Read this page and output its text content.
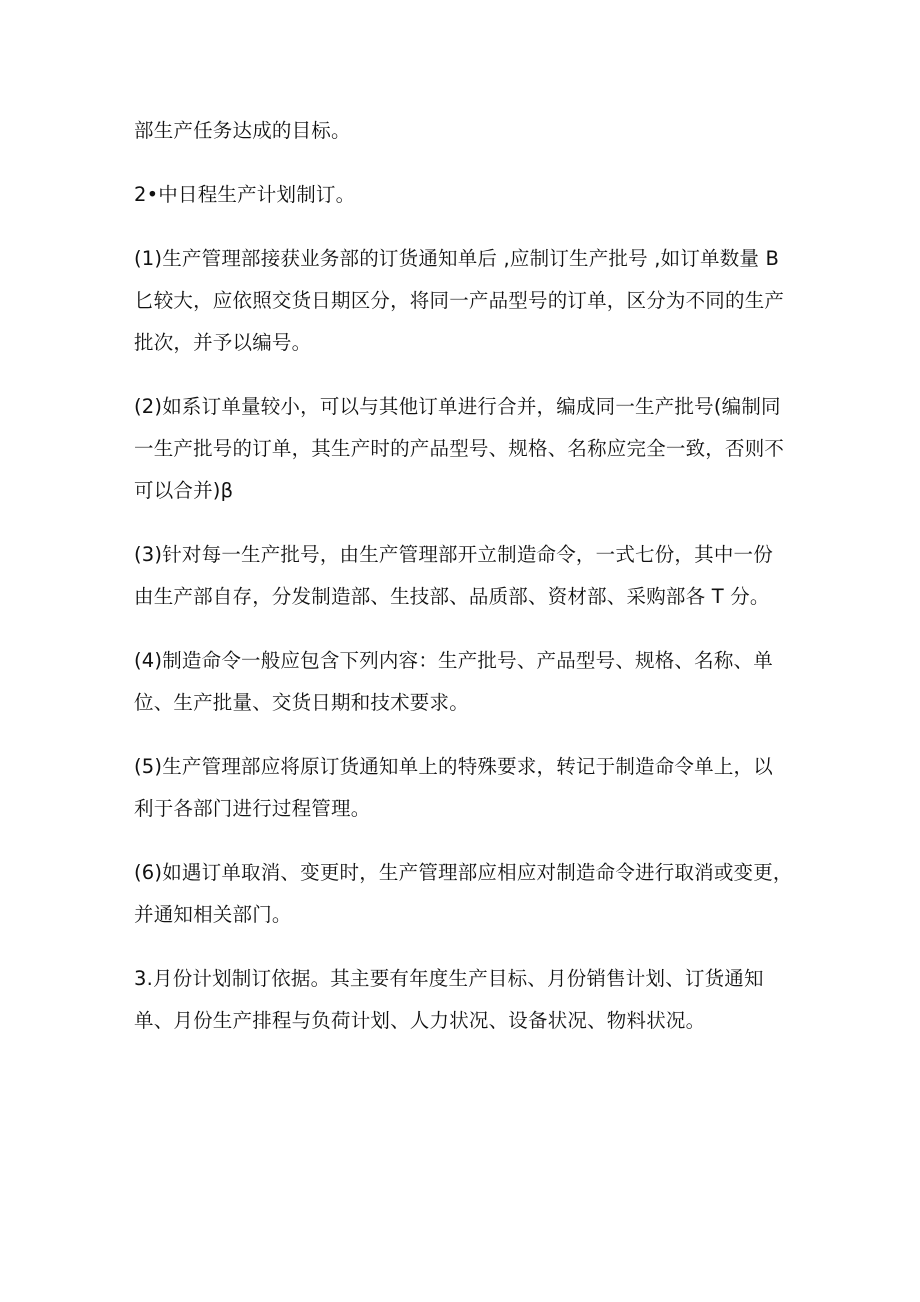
部生产任务达成的目标。

2•中日程生产计划制订。

(1)生产管理部接获业务部的订货通知单后 ,应制订生产批号 ,如订单数量 B
匕较大，应依照交货日期区分，将同一产品型号的订单，区分为不同的生产
批次，并予以编号。

(2)如系订单量较小，可以与其他订单进行合并，编成同一生产批号(编制同
一生产批号的订单，其生产时的产品型号、规格、名称应完全一致，否则不
可以合并)β

(3)针对每一生产批号，由生产管理部开立制造命令，一式七份，其中一份
由生产部自存，分发制造部、生技部、品质部、资材部、采购部各 T 分。

(4)制造命令一般应包含下列内容：生产批号、产品型号、规格、名称、单
位、生产批量、交货日期和技术要求。

(5)生产管理部应将原订货通知单上的特殊要求，转记于制造命令单上，以
利于各部门进行过程管理。

(6)如遇订单取消、变更时，生产管理部应相应对制造命令进行取消或变更，
并通知相关部门。

3.月份计划制订依据。其主要有年度生产目标、月份销售计划、订货通知
单、月份生产排程与负荷计划、人力状况、设备状况、物料状况。
